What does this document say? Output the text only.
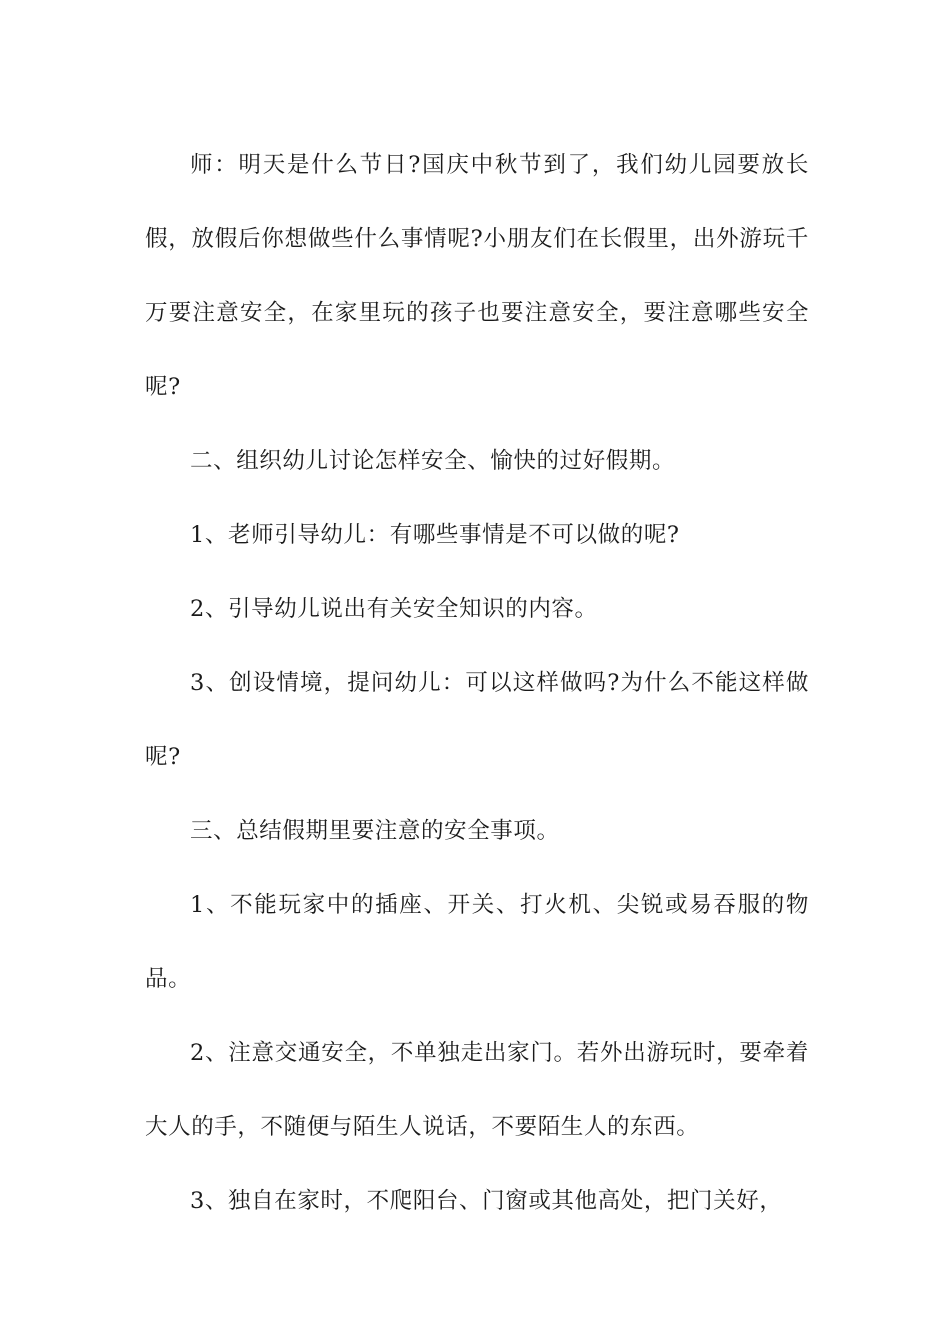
师：明天是什么节日?国庆中秋节到了，我们幼儿园要放长假，放假后你想做些什么事情呢?小朋友们在长假里，出外游玩千万要注意安全，在家里玩的孩子也要注意安全，要注意哪些安全呢?

二、组织幼儿讨论怎样安全、愉快的过好假期。

1、老师引导幼儿：有哪些事情是不可以做的呢?

2、引导幼儿说出有关安全知识的内容。

3、创设情境，提问幼儿：可以这样做吗?为什么不能这样做呢?

三、总结假期里要注意的安全事项。

1、不能玩家中的插座、开关、打火机、尖锐或易吞服的物品。

2、注意交通安全，不单独走出家门。若外出游玩时，要牵着大人的手，不随便与陌生人说话，不要陌生人的东西。

3、独自在家时，不爬阳台、门窗或其他高处，把门关好，
